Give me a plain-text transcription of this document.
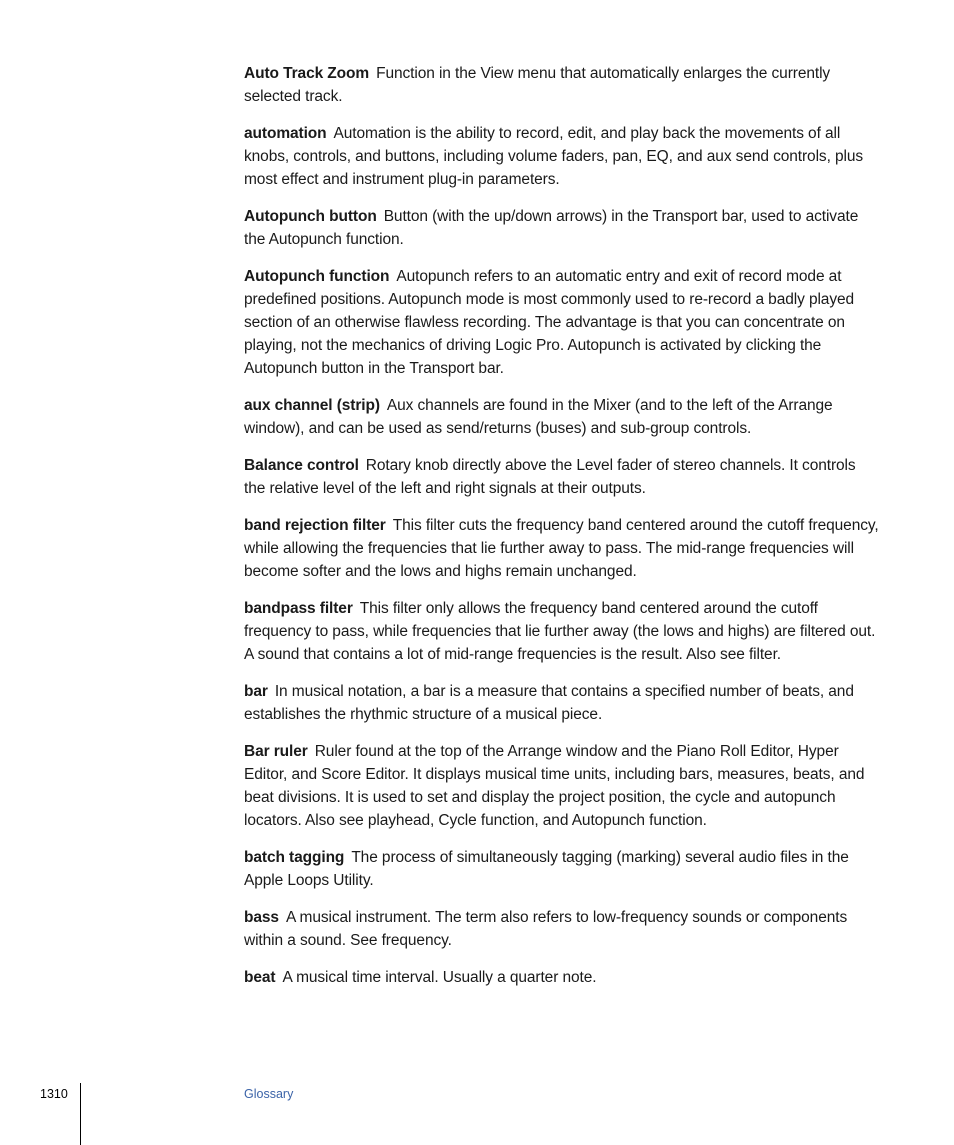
Auto Track Zoom Function in the View menu that automatically enlarges the currently selected track.

automation Automation is the ability to record, edit, and play back the movements of all knobs, controls, and buttons, including volume faders, pan, EQ, and aux send controls, plus most effect and instrument plug-in parameters.

Autopunch button Button (with the up/down arrows) in the Transport bar, used to activate the Autopunch function.

Autopunch function Autopunch refers to an automatic entry and exit of record mode at predefined positions. Autopunch mode is most commonly used to re-record a badly played section of an otherwise flawless recording. The advantage is that you can concentrate on playing, not the mechanics of driving Logic Pro. Autopunch is activated by clicking the Autopunch button in the Transport bar.

aux channel (strip) Aux channels are found in the Mixer (and to the left of the Arrange window), and can be used as send/returns (buses) and sub-group controls.

Balance control Rotary knob directly above the Level fader of stereo channels. It controls the relative level of the left and right signals at their outputs.

band rejection filter This filter cuts the frequency band centered around the cutoff frequency, while allowing the frequencies that lie further away to pass. The mid-range frequencies will become softer and the lows and highs remain unchanged.

bandpass filter This filter only allows the frequency band centered around the cutoff frequency to pass, while frequencies that lie further away (the lows and highs) are filtered out. A sound that contains a lot of mid-range frequencies is the result. Also see filter.

bar In musical notation, a bar is a measure that contains a specified number of beats, and establishes the rhythmic structure of a musical piece.

Bar ruler Ruler found at the top of the Arrange window and the Piano Roll Editor, Hyper Editor, and Score Editor. It displays musical time units, including bars, measures, beats, and beat divisions. It is used to set and display the project position, the cycle and autopunch locators. Also see playhead, Cycle function, and Autopunch function.

batch tagging The process of simultaneously tagging (marking) several audio files in the Apple Loops Utility.

bass A musical instrument. The term also refers to low-frequency sounds or components within a sound. See frequency.

beat A musical time interval. Usually a quarter note.

1310	Glossary
